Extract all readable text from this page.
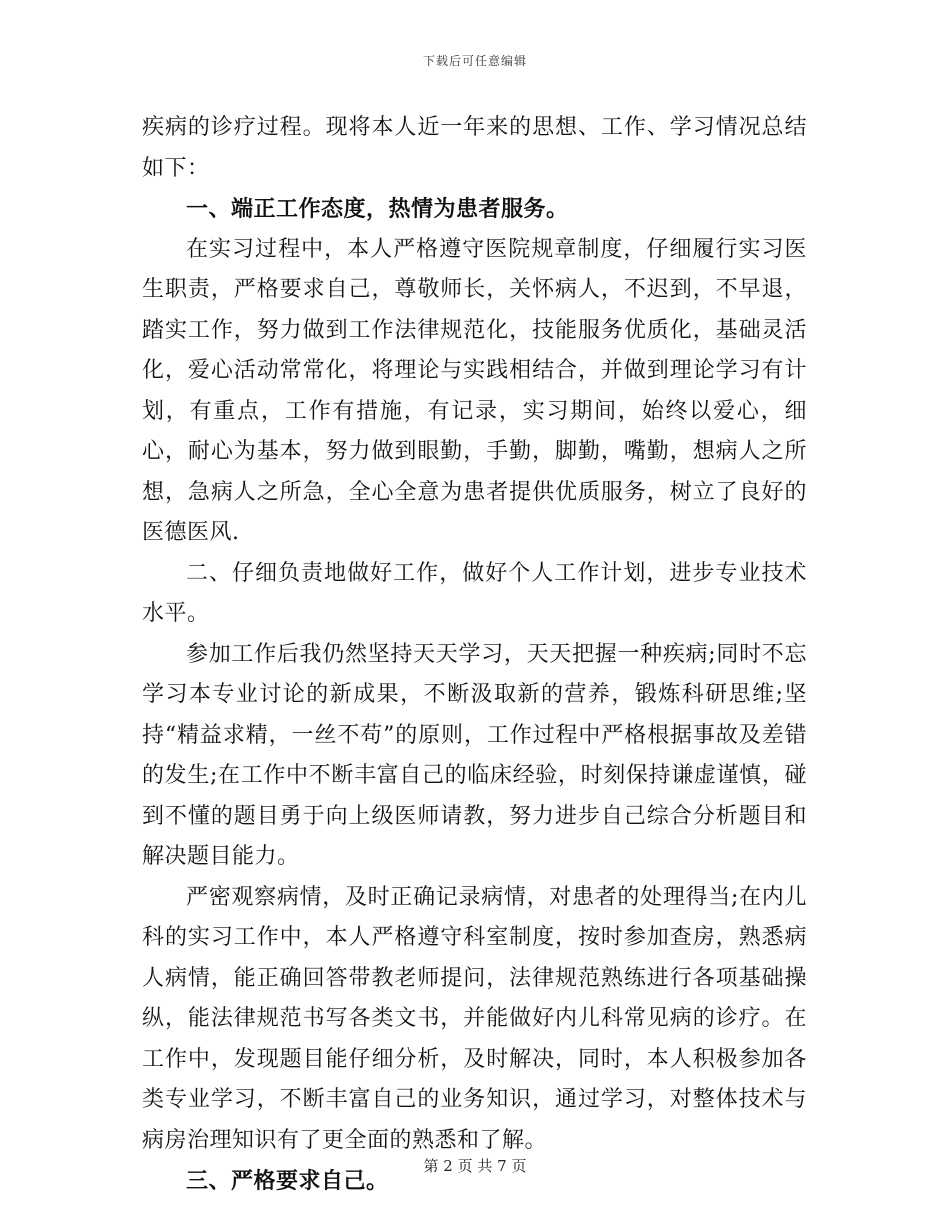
下载后可任意编辑

疾病的诊疗过程。现将本人近一年来的思想、工作、学习情况总结如下：

一、端正工作态度，热情为患者服务。

在实习过程中，本人严格遵守医院规章制度，仔细履行实习医生职责，严格要求自己，尊敬师长，关怀病人，不迟到，不早退，踏实工作，努力做到工作法律规范化，技能服务优质化，基础灵活化，爱心活动常常化，将理论与实践相结合，并做到理论学习有计划，有重点，工作有措施，有记录，实习期间，始终以爱心，细心，耐心为基本，努力做到眼勤，手勤，脚勤，嘴勤，想病人之所想，急病人之所急，全心全意为患者提供优质服务，树立了良好的医德医风.

二、仔细负责地做好工作，做好个人工作计划，进步专业技术水平。

参加工作后我仍然坚持天天学习，天天把握一种疾病;同时不忘学习本专业讨论的新成果，不断汲取新的营养，锻炼科研思维;坚持“精益求精，一丝不苟”的原则，工作过程中严格根据事故及差错的发生;在工作中不断丰富自己的临床经验，时刻保持谦虚谨慎，碰到不懂的题目勇于向上级医师请教，努力进步自己综合分析题目和解决题目能力。

严密观察病情，及时正确记录病情，对患者的处理得当;在内儿科的实习工作中，本人严格遵守科室制度，按时参加查房，熟悉病人病情，能正确回答带教老师提问，法律规范熟练进行各项基础操纵，能法律规范书写各类文书，并能做好内儿科常见病的诊疗。在工作中，发现题目能仔细分析，及时解决，同时，本人积极参加各类专业学习，不断丰富自己的业务知识，通过学习，对整体技术与病房治理知识有了更全面的熟悉和了解。

三、严格要求自己。

第 2 页 共 7 页
